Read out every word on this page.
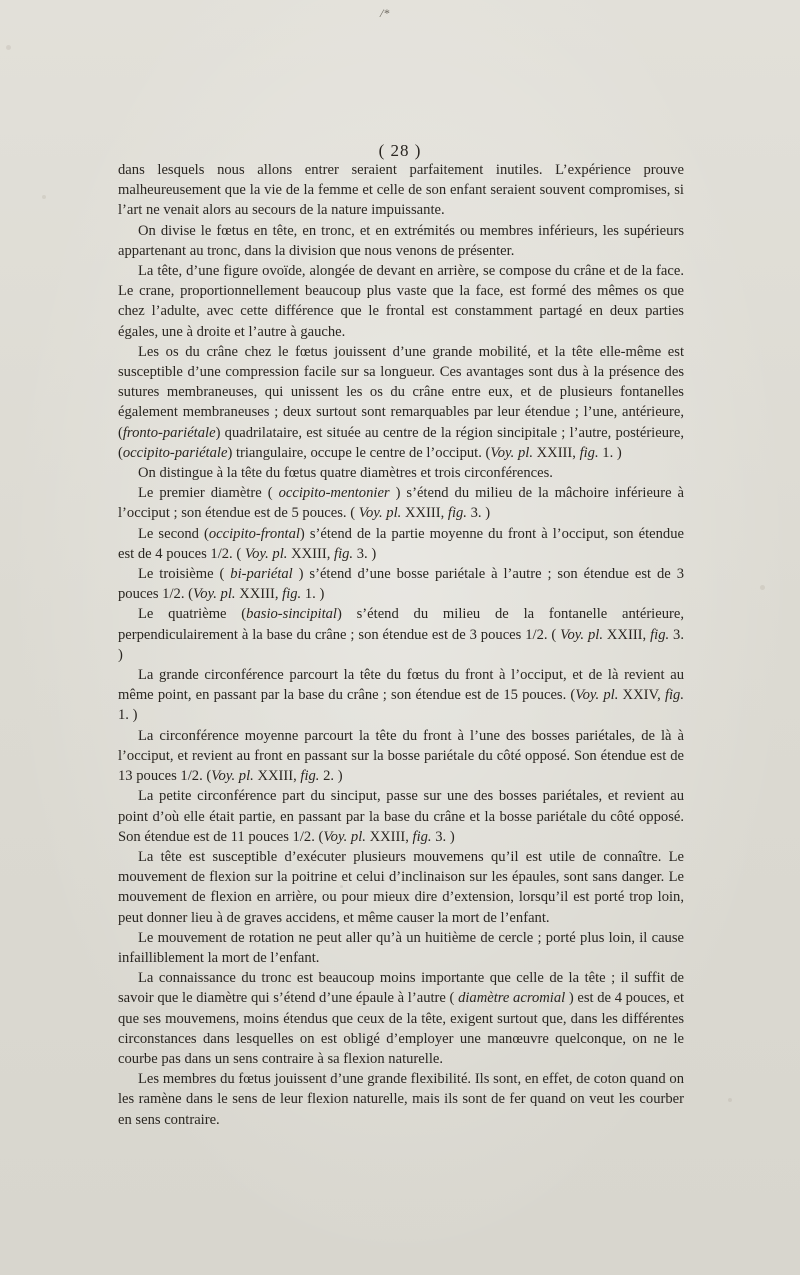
/*
( 28 )

dans lesquels nous allons entrer seraient parfaitement inutiles. L’expérience prouve malheureusement que la vie de la femme et celle de son enfant seraient souvent compromises, si l’art ne venait alors au secours de la nature impuissante.

On divise le fœtus en tête, en tronc, et en extrémités ou membres inférieurs, les supérieurs appartenant au tronc, dans la division que nous venons de présenter.

La tête, d’une figure ovoïde, alongée de devant en arrière, se compose du crâne et de la face. Le crane, proportionnellement beaucoup plus vaste que la face, est formé des mêmes os que chez l’adulte, avec cette différence que le frontal est constamment partagé en deux parties égales, une à droite et l’autre à gauche.

Les os du crâne chez le fœtus jouissent d’une grande mobilité, et la tête elle-même est susceptible d’une compression facile sur sa longueur. Ces avantages sont dus à la présence des sutures membraneuses, qui unissent les os du crâne entre eux, et de plusieurs fontanelles également membraneuses ; deux surtout sont remarquables par leur étendue ; l’une, antérieure, (fronto-pariétale) quadrilataire, est située au centre de la région sincipitale ; l’autre, postérieure, (occipito-pariétale) triangulaire, occupe le centre de l’occiput. (Voy. pl. XXIII, fig. 1. )

On distingue à la tête du fœtus quatre diamètres et trois circonférences.

Le premier diamètre ( occipito-mentonier ) s’étend du milieu de la mâchoire inférieure à l’occiput ; son étendue est de 5 pouces. ( Voy. pl. XXIII, fig. 3. )

Le second (occipito-frontal) s’étend de la partie moyenne du front à l’occiput, son étendue est de 4 pouces 1/2. ( Voy. pl. XXIII, fig. 3. )

Le troisième ( bi-pariétal ) s’étend d’une bosse pariétale à l’autre ; son étendue est de 3 pouces 1/2. (Voy. pl. XXIII, fig. 1. )

Le quatrième (basio-sincipital) s’étend du milieu de la fontanelle antérieure, perpendiculairement à la base du crâne ; son étendue est de 3 pouces 1/2. ( Voy. pl. XXIII, fig. 3. )

La grande circonférence parcourt la tête du fœtus du front à l’occiput, et de là revient au même point, en passant par la base du crâne ; son étendue est de 15 pouces. (Voy. pl. XXIV, fig. 1. )

La circonférence moyenne parcourt la tête du front à l’une des bosses pariétales, de là à l’occiput, et revient au front en passant sur la bosse pariétale du côté opposé. Son étendue est de 13 pouces 1/2. (Voy. pl. XXIII, fig. 2. )

La petite circonférence part du sinciput, passe sur une des bosses pariétales, et revient au point d’où elle était partie, en passant par la base du crâne et la bosse pariétale du côté opposé. Son étendue est de 11 pouces 1/2. (Voy. pl. XXIII, fig. 3. )

La tête est susceptible d’exécuter plusieurs mouvemens qu’il est utile de connaître. Le mouvement de flexion sur la poitrine et celui d’inclinaison sur les épaules, sont sans danger. Le mouvement de flexion en arrière, ou pour mieux dire d’extension, lorsqu’il est porté trop loin, peut donner lieu à de graves accidens, et même causer la mort de l’enfant.

Le mouvement de rotation ne peut aller qu’à un huitième de cercle ; porté plus loin, il cause infailliblement la mort de l’enfant.

La connaissance du tronc est beaucoup moins importante que celle de la tête ; il suffit de savoir que le diamètre qui s’étend d’une épaule à l’autre ( diamètre acromial ) est de 4 pouces, et que ses mouvemens, moins étendus que ceux de la tête, exigent surtout que, dans les différentes circonstances dans lesquelles on est obligé d’employer une manœuvre quelconque, on ne le courbe pas dans un sens contraire à sa flexion naturelle.

Les membres du fœtus jouissent d’une grande flexibilité. Ils sont, en effet, de coton quand on les ramène dans le sens de leur flexion naturelle, mais ils sont de fer quand on veut les courber en sens contraire.
